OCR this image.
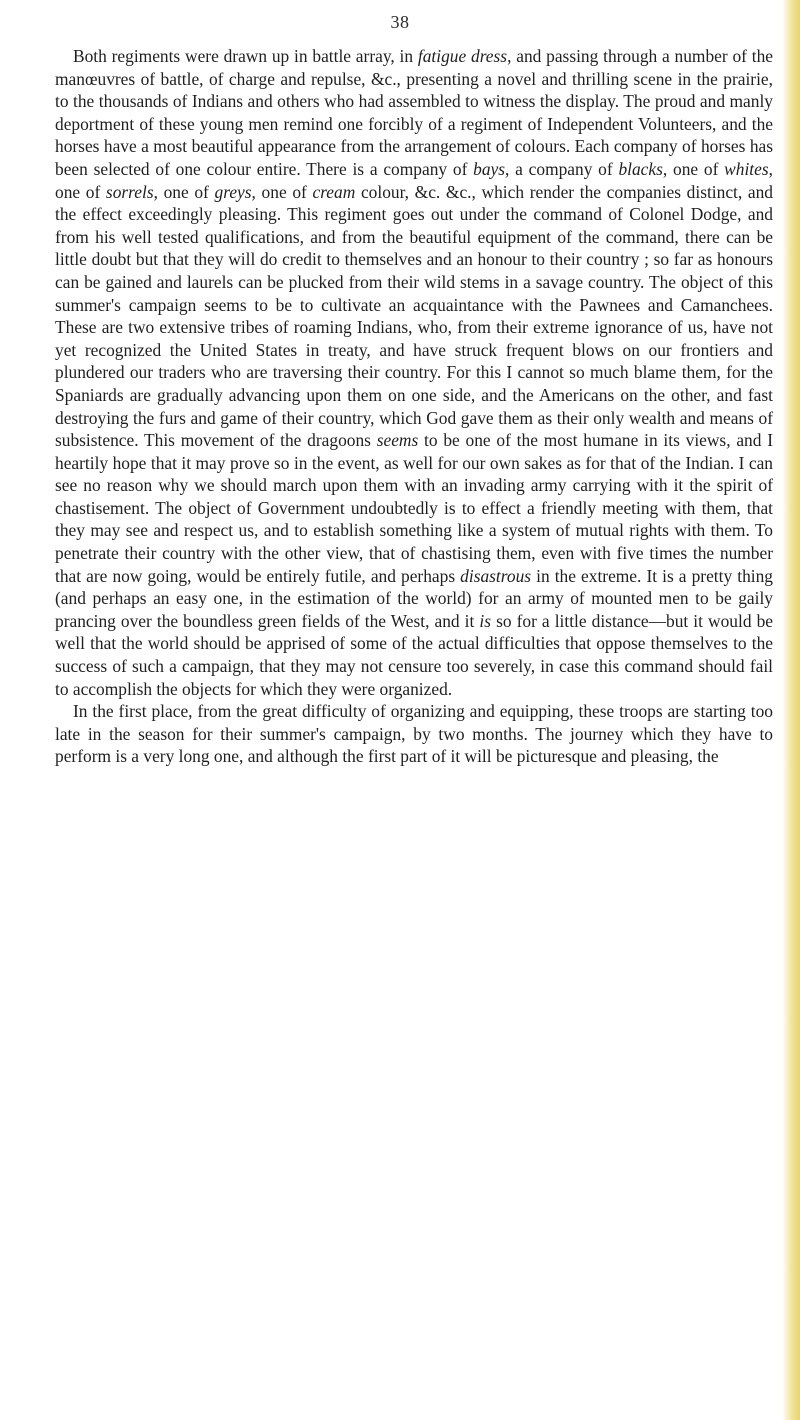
38

Both regiments were drawn up in battle array, in fatigue dress, and passing through a number of the manœuvres of battle, of charge and repulse, &c., presenting a novel and thrilling scene in the prairie, to the thousands of Indians and others who had assembled to witness the display. The proud and manly deportment of these young men remind one forcibly of a regiment of Independent Volunteers, and the horses have a most beautiful appearance from the arrangement of colours. Each company of horses has been selected of one colour entire. There is a company of bays, a company of blacks, one of whites, one of sorrels, one of greys, one of cream colour, &c. &c., which render the companies distinct, and the effect exceedingly pleasing. This regiment goes out under the command of Colonel Dodge, and from his well tested qualifications, and from the beautiful equipment of the command, there can be little doubt but that they will do credit to themselves and an honour to their country ; so far as honours can be gained and laurels can be plucked from their wild stems in a savage country. The object of this summer's campaign seems to be to cultivate an acquaintance with the Pawnees and Camanchees. These are two extensive tribes of roaming Indians, who, from their extreme ignorance of us, have not yet recognized the United States in treaty, and have struck frequent blows on our frontiers and plundered our traders who are traversing their country. For this I cannot so much blame them, for the Spaniards are gradually advancing upon them on one side, and the Americans on the other, and fast destroying the furs and game of their country, which God gave them as their only wealth and means of subsistence. This movement of the dragoons seems to be one of the most humane in its views, and I heartily hope that it may prove so in the event, as well for our own sakes as for that of the Indian. I can see no reason why we should march upon them with an invading army carrying with it the spirit of chastisement. The object of Government undoubtedly is to effect a friendly meeting with them, that they may see and respect us, and to establish something like a system of mutual rights with them. To penetrate their country with the other view, that of chastising them, even with five times the number that are now going, would be entirely futile, and perhaps disastrous in the extreme. It is a pretty thing (and perhaps an easy one, in the estimation of the world) for an army of mounted men to be gaily prancing over the boundless green fields of the West, and it is so for a little distance—but it would be well that the world should be apprised of some of the actual difficulties that oppose themselves to the success of such a campaign, that they may not censure too severely, in case this command should fail to accomplish the objects for which they were organized.

In the first place, from the great difficulty of organizing and equipping, these troops are starting too late in the season for their summer's campaign, by two months. The journey which they have to perform is a very long one, and although the first part of it will be picturesque and pleasing, the
